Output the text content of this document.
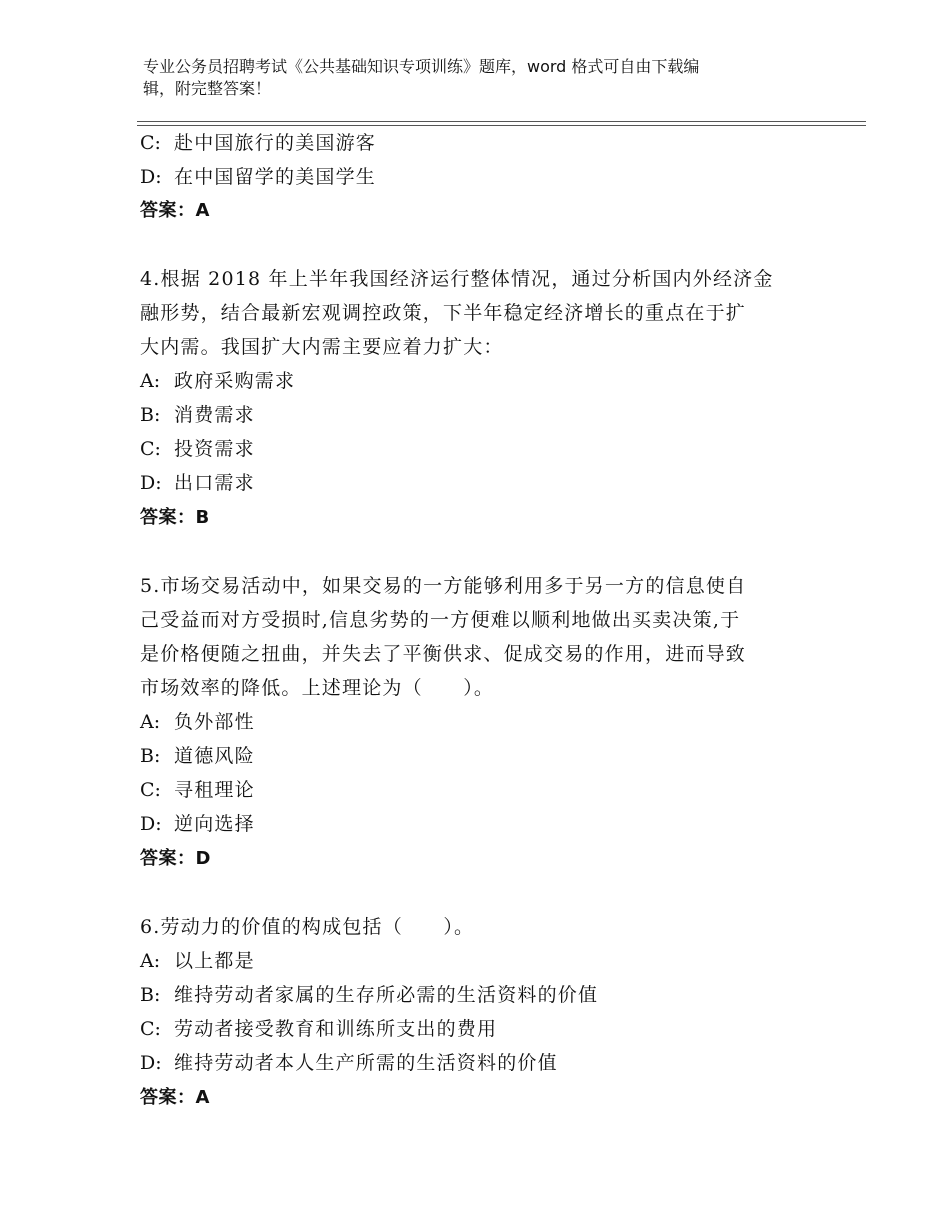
专业公务员招聘考试《公共基础知识专项训练》题库，word 格式可自由下载编
辑，附完整答案！
C: 赴中国旅行的美国游客
D: 在中国留学的美国学生
答案：A
4.根据 2018 年上半年我国经济运行整体情况，通过分析国内外经济金
融形势，结合最新宏观调控政策，下半年稳定经济增长的重点在于扩
大内需。我国扩大内需主要应着力扩大：
A: 政府采购需求
B: 消费需求
C: 投资需求
D: 出口需求
答案：B
5.市场交易活动中，如果交易的一方能够利用多于另一方的信息使自
己受益而对方受损时,信息劣势的一方便难以顺利地做出买卖决策,于
是价格便随之扭曲，并失去了平衡供求、促成交易的作用，进而导致
市场效率的降低。上述理论为（　　）。
A: 负外部性
B: 道德风险
C: 寻租理论
D: 逆向选择
答案：D
6.劳动力的价值的构成包括（　　）。
A: 以上都是
B: 维持劳动者家属的生存所必需的生活资料的价值
C: 劳动者接受教育和训练所支出的费用
D: 维持劳动者本人生产所需的生活资料的价值
答案：A
